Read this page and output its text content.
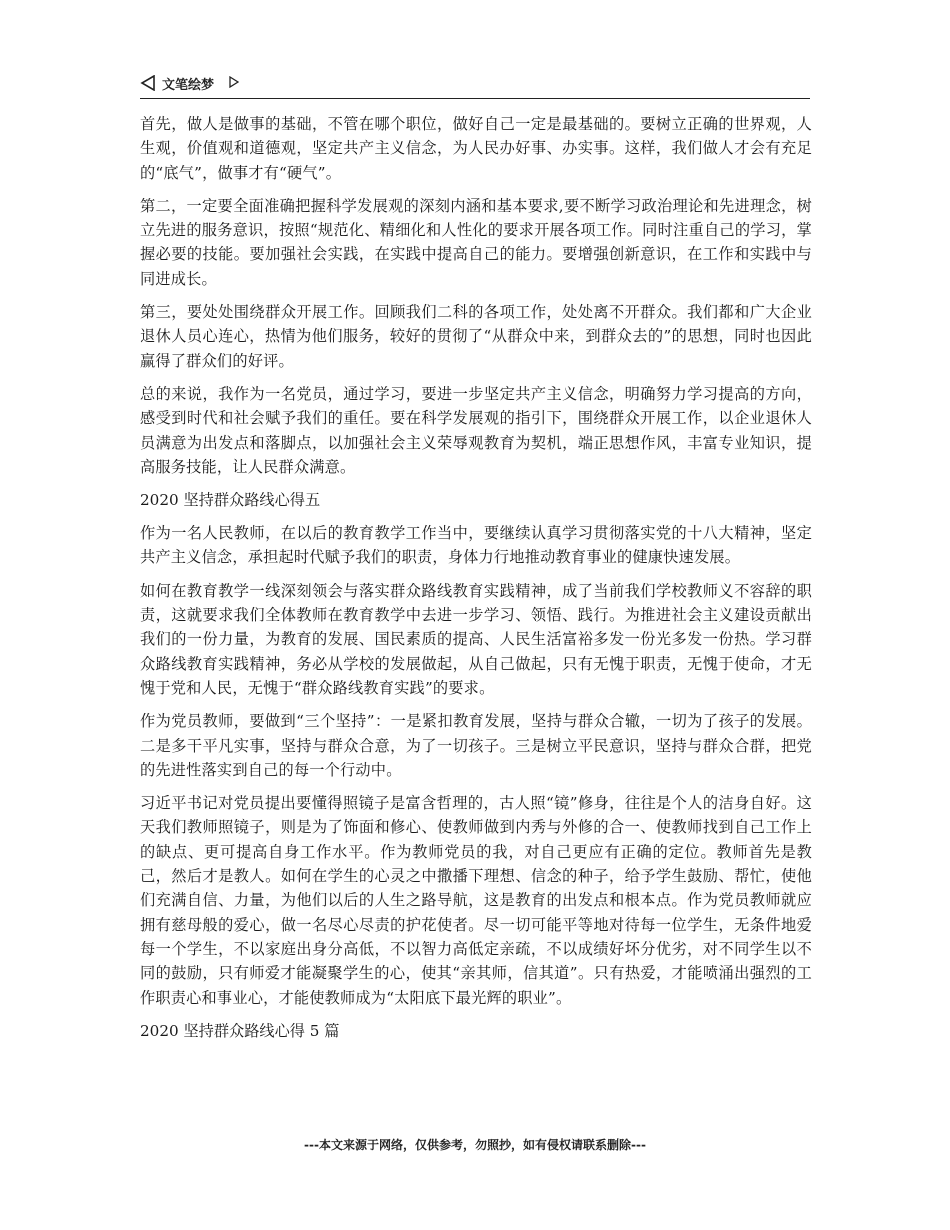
文笔绘梦

首先，做人是做事的基础，不管在哪个职位，做好自己一定是最基础的。要树立正确的世界观，人生观，价值观和道德观，坚定共产主义信念，为人民办好事、办实事。这样，我们做人才会有充足的“底气”，做事才有“硬气”。

第二，一定要全面准确把握科学发展观的深刻内涵和基本要求,要不断学习政治理论和先进理念，树立先进的服务意识，按照“规范化、精细化和人性化的要求开展各项工作。同时注重自己的学习，掌握必要的技能。要加强社会实践，在实践中提高自己的能力。要增强创新意识，在工作和实践中与同进成长。

第三，要处处围绕群众开展工作。回顾我们二科的各项工作，处处离不开群众。我们都和广大企业退休人员心连心，热情为他们服务，较好的贯彻了“从群众中来，到群众去的”的思想，同时也因此赢得了群众们的好评。

总的来说，我作为一名党员，通过学习，要进一步坚定共产主义信念，明确努力学习提高的方向，感受到时代和社会赋予我们的重任。要在科学发展观的指引下，围绕群众开展工作，以企业退休人员满意为出发点和落脚点，以加强社会主义荣辱观教育为契机，端正思想作风，丰富专业知识，提高服务技能，让人民群众满意。

2020 坚持群众路线心得五

作为一名人民教师，在以后的教育教学工作当中，要继续认真学习贯彻落实党的十八大精神，坚定共产主义信念，承担起时代赋予我们的职责，身体力行地推动教育事业的健康快速发展。

如何在教育教学一线深刻领会与落实群众路线教育实践精神，成了当前我们学校教师义不容辞的职责，这就要求我们全体教师在教育教学中去进一步学习、领悟、践行。为推进社会主义建设贡献出我们的一份力量，为教育的发展、国民素质的提高、人民生活富裕多发一份光多发一份热。学习群众路线教育实践精神，务必从学校的发展做起，从自己做起，只有无愧于职责，无愧于使命，才无愧于党和人民，无愧于“群众路线教育实践”的要求。

作为党员教师，要做到“三个坚持”：一是紧扣教育发展，坚持与群众合辙，一切为了孩子的发展。二是多干平凡实事，坚持与群众合意，为了一切孩子。三是树立平民意识，坚持与群众合群，把党的先进性落实到自己的每一个行动中。

习近平书记对党员提出要懂得照镜子是富含哲理的，古人照“镜”修身，往往是个人的洁身自好。这天我们教师照镜子，则是为了饰面和修心、使教师做到内秀与外修的合一、使教师找到自己工作上的缺点、更可提高自身工作水平。作为教师党员的我，对自己更应有正确的定位。教师首先是教己，然后才是教人。如何在学生的心灵之中撒播下理想、信念的种子，给予学生鼓励、帮忙，使他们充满自信、力量，为他们以后的人生之路导航，这是教育的出发点和根本点。作为党员教师就应拥有慈母般的爱心，做一名尽心尽责的护花使者。尽一切可能平等地对待每一位学生，无条件地爱每一个学生，不以家庭出身分高低，不以智力高低定亲疏，不以成绩好坏分优劣，对不同学生以不同的鼓励，只有师爱才能凝聚学生的心，使其“亲其师，信其道”。只有热爱，才能喷涌出强烈的工作职责心和事业心，才能使教师成为“太阳底下最光辉的职业”。

2020 坚持群众路线心得 5 篇

---本文来源于网络，仅供参考，勿照抄，如有侵权请联系删除---
